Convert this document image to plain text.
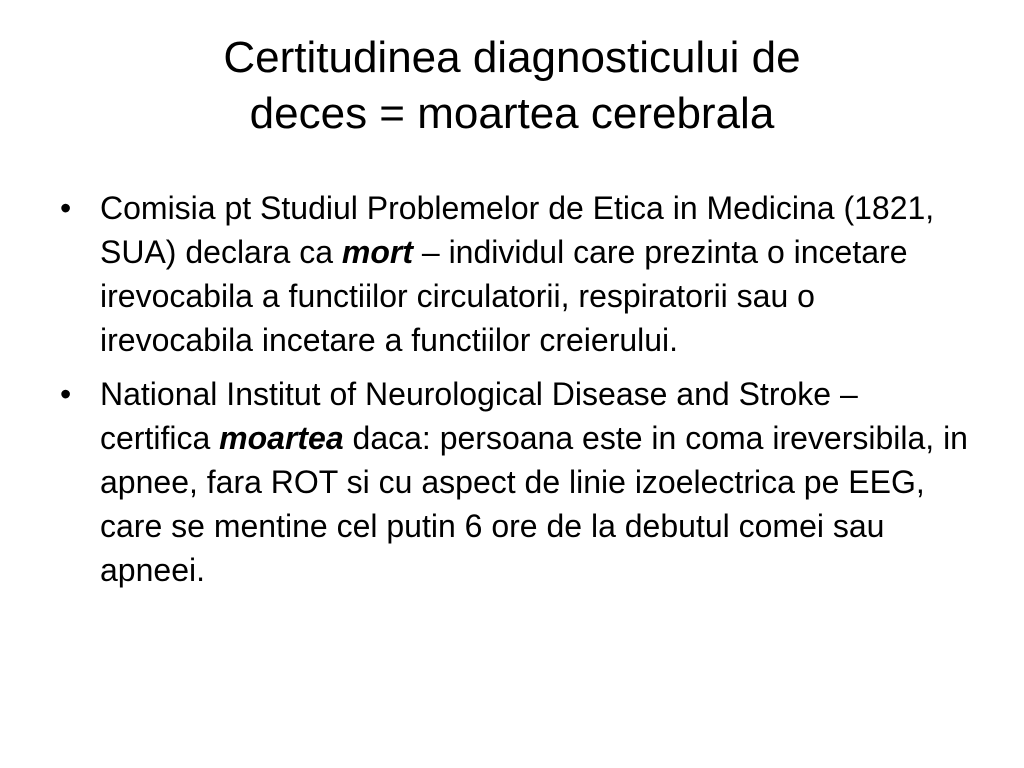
Certitudinea diagnosticului de
deces = moartea cerebrala
• Comisia pt Studiul Problemelor de Etica in Medicina (1821, SUA) declara ca mort – individul care prezinta o incetare irevocabila a functiilor circulatorii, respiratorii sau o irevocabila incetare a functiilor creierului.
• National Institut of Neurological Disease and Stroke – certifica moartea daca: persoana este in coma ireversibila, in apnee, fara ROT si cu aspect de linie izoelectrica pe EEG, care se mentine cel putin 6 ore de la debutul comei sau apneei.
